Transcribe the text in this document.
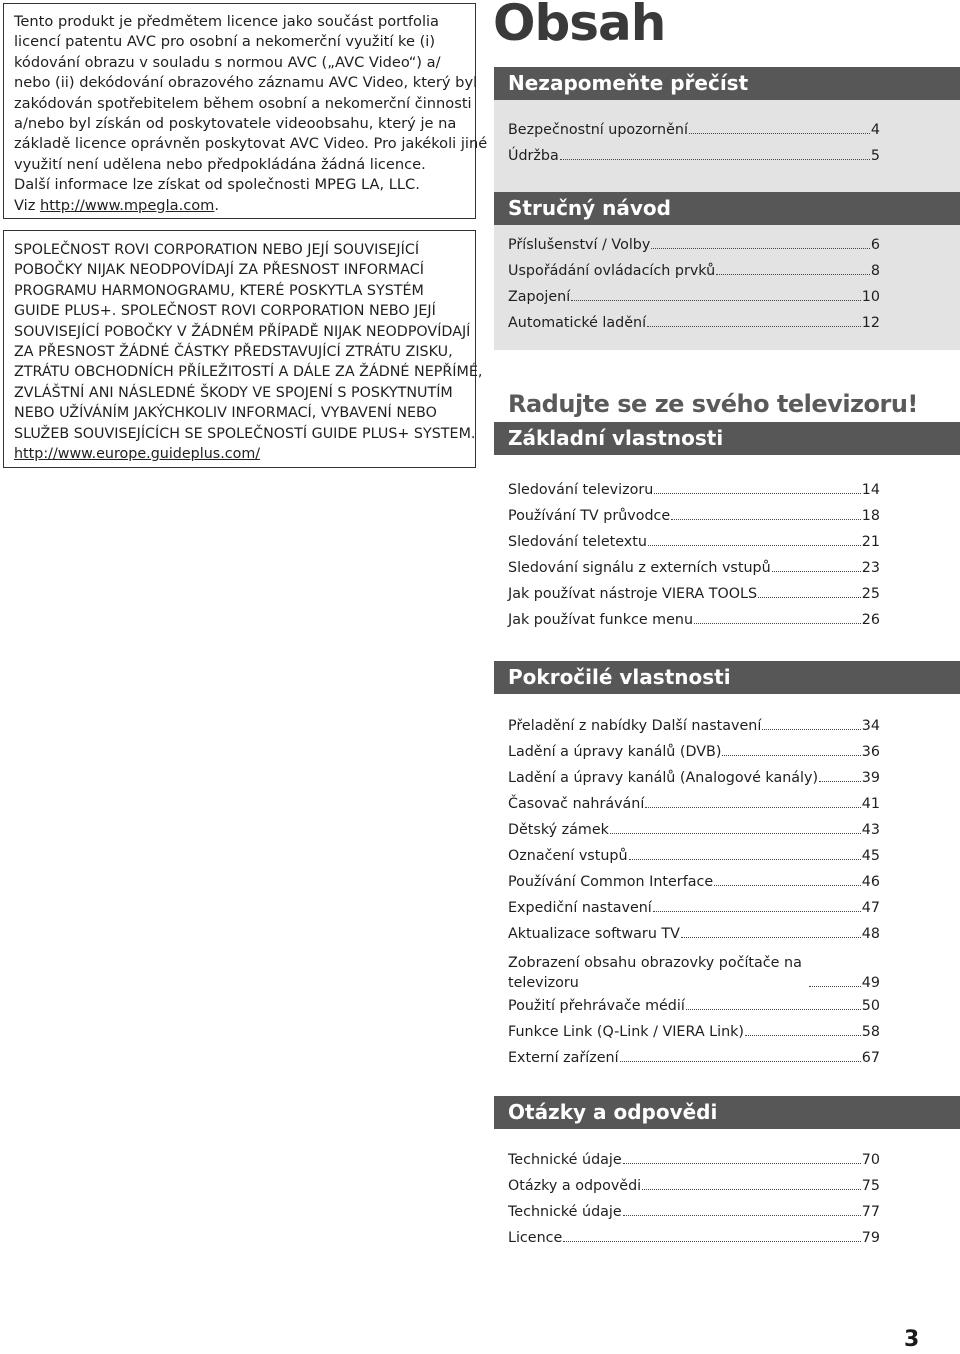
Tento produkt je předmětem licence jako součást portfolia
licencí patentu AVC pro osobní a nekomerční využití ke (i)
kódování obrazu v souladu s normou AVC („AVC Video“) a/
nebo (ii) dekódování obrazového záznamu AVC Video, který byl
zakódován spotřebitelem během osobní a nekomerční činnosti
a/nebo byl získán od poskytovatele videoobsahu, který je na
základě licence oprávněn poskytovat AVC Video. Pro jakékoli jiné
využití není udělena nebo předpokládána žádná licence.
Další informace lze získat od společnosti MPEG LA, LLC.
Viz http://www.mpegla.com.

SPOLEČNOST ROVI CORPORATION NEBO JEJÍ SOUVISEJÍCÍ
POBOČKY NIJAK NEODPOVÍDAJÍ ZA PŘESNOST INFORMACÍ
PROGRAMU HARMONOGRAMU, KTERÉ POSKYTLA SYSTÉM
GUIDE PLUS+. SPOLEČNOST ROVI CORPORATION NEBO JEJÍ
SOUVISEJÍCÍ POBOČKY V ŽÁDNÉM PŘÍPADĚ NIJAK NEODPOVÍDAJÍ
ZA PŘESNOST ŽÁDNÉ ČÁSTKY PŘEDSTAVUJÍCÍ ZTRÁTU ZISKU,
ZTRÁTU OBCHODNÍCH PŘÍLEŽITOSTÍ A DÁLE ZA ŽÁDNÉ NEPŘÍMÉ,
ZVLÁŠTNÍ ANI NÁSLEDNÉ ŠKODY VE SPOJENÍ S POSKYTNUTÍM
NEBO UŽÍVÁNÍM JAKÝCHKOLIV INFORMACÍ, VYBAVENÍ NEBO
SLUŽEB SOUVISEJÍCÍCH SE SPOLEČNOSTÍ GUIDE PLUS+ SYSTEM.
http://www.europe.guideplus.com/

Obsah
Nezapomeňte přečíst
Bezpečnostní upozornění	4
Údržba	5
Stručný návod
Příslušenství / Volby	6
Uspořádání ovládacích prvků	8
Zapojení	10
Automatické ladění	12
Radujte se ze svého televizoru!
Základní vlastnosti
Sledování televizoru	14
Používání TV průvodce	18
Sledování teletextu	21
Sledování signálu z externích vstupů	23
Jak používat nástroje VIERA TOOLS	25
Jak používat funkce menu	26
Pokročilé vlastnosti
Přeladění z nabídky Další nastavení	34
Ladění a úpravy kanálů (DVB)	36
Ladění a úpravy kanálů (Analogové kanály)	39
Časovač nahrávání	41
Dětský zámek	43
Označení vstupů	45
Používání Common Interface	46
Expediční nastavení	47
Aktualizace softwaru TV	48
Zobrazení obsahu obrazovky počítače na televizoru	49
Použití přehrávače médií	50
Funkce Link (Q-Link / VIERA Link)	58
Externí zařízení	67
Otázky a odpovědi
Technické údaje	70
Otázky a odpovědi	75
Technické údaje	77
Licence	79
3
